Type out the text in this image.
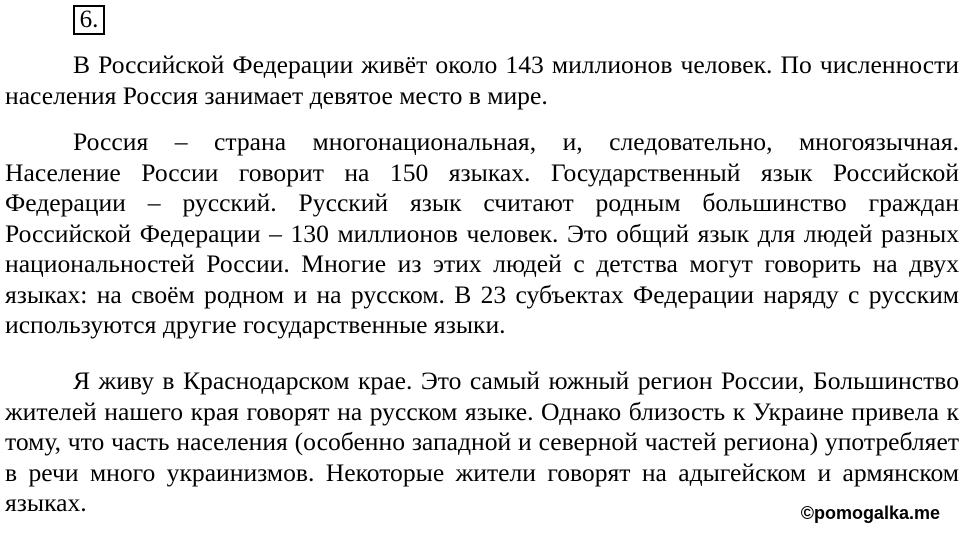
6.

В Российской Федерации живёт около 143 миллионов человек. По численности населения Россия занимает девятое место в мире.

Россия – страна многонациональная, и, следовательно, многоязычная. Население России говорит на 150 языках. Государственный язык Российской Федерации – русский. Русский язык считают родным большинство граждан Российской Федерации – 130 миллионов человек. Это общий язык для людей разных национальностей России. Многие из этих людей с детства могут говорить на двух языках: на своём родном и на русском. В 23 субъектах Федерации наряду с русским используются другие государственные языки.

Я живу в Краснодарском крае. Это самый южный регион России, Большинство жителей нашего края говорят на русском языке. Однако близость к Украине привела к тому, что часть населения (особенно западной и северной частей региона) употребляет в речи много украинизмов. Некоторые жители говорят на адыгейском и армянском языках.	©pomogalka.me
